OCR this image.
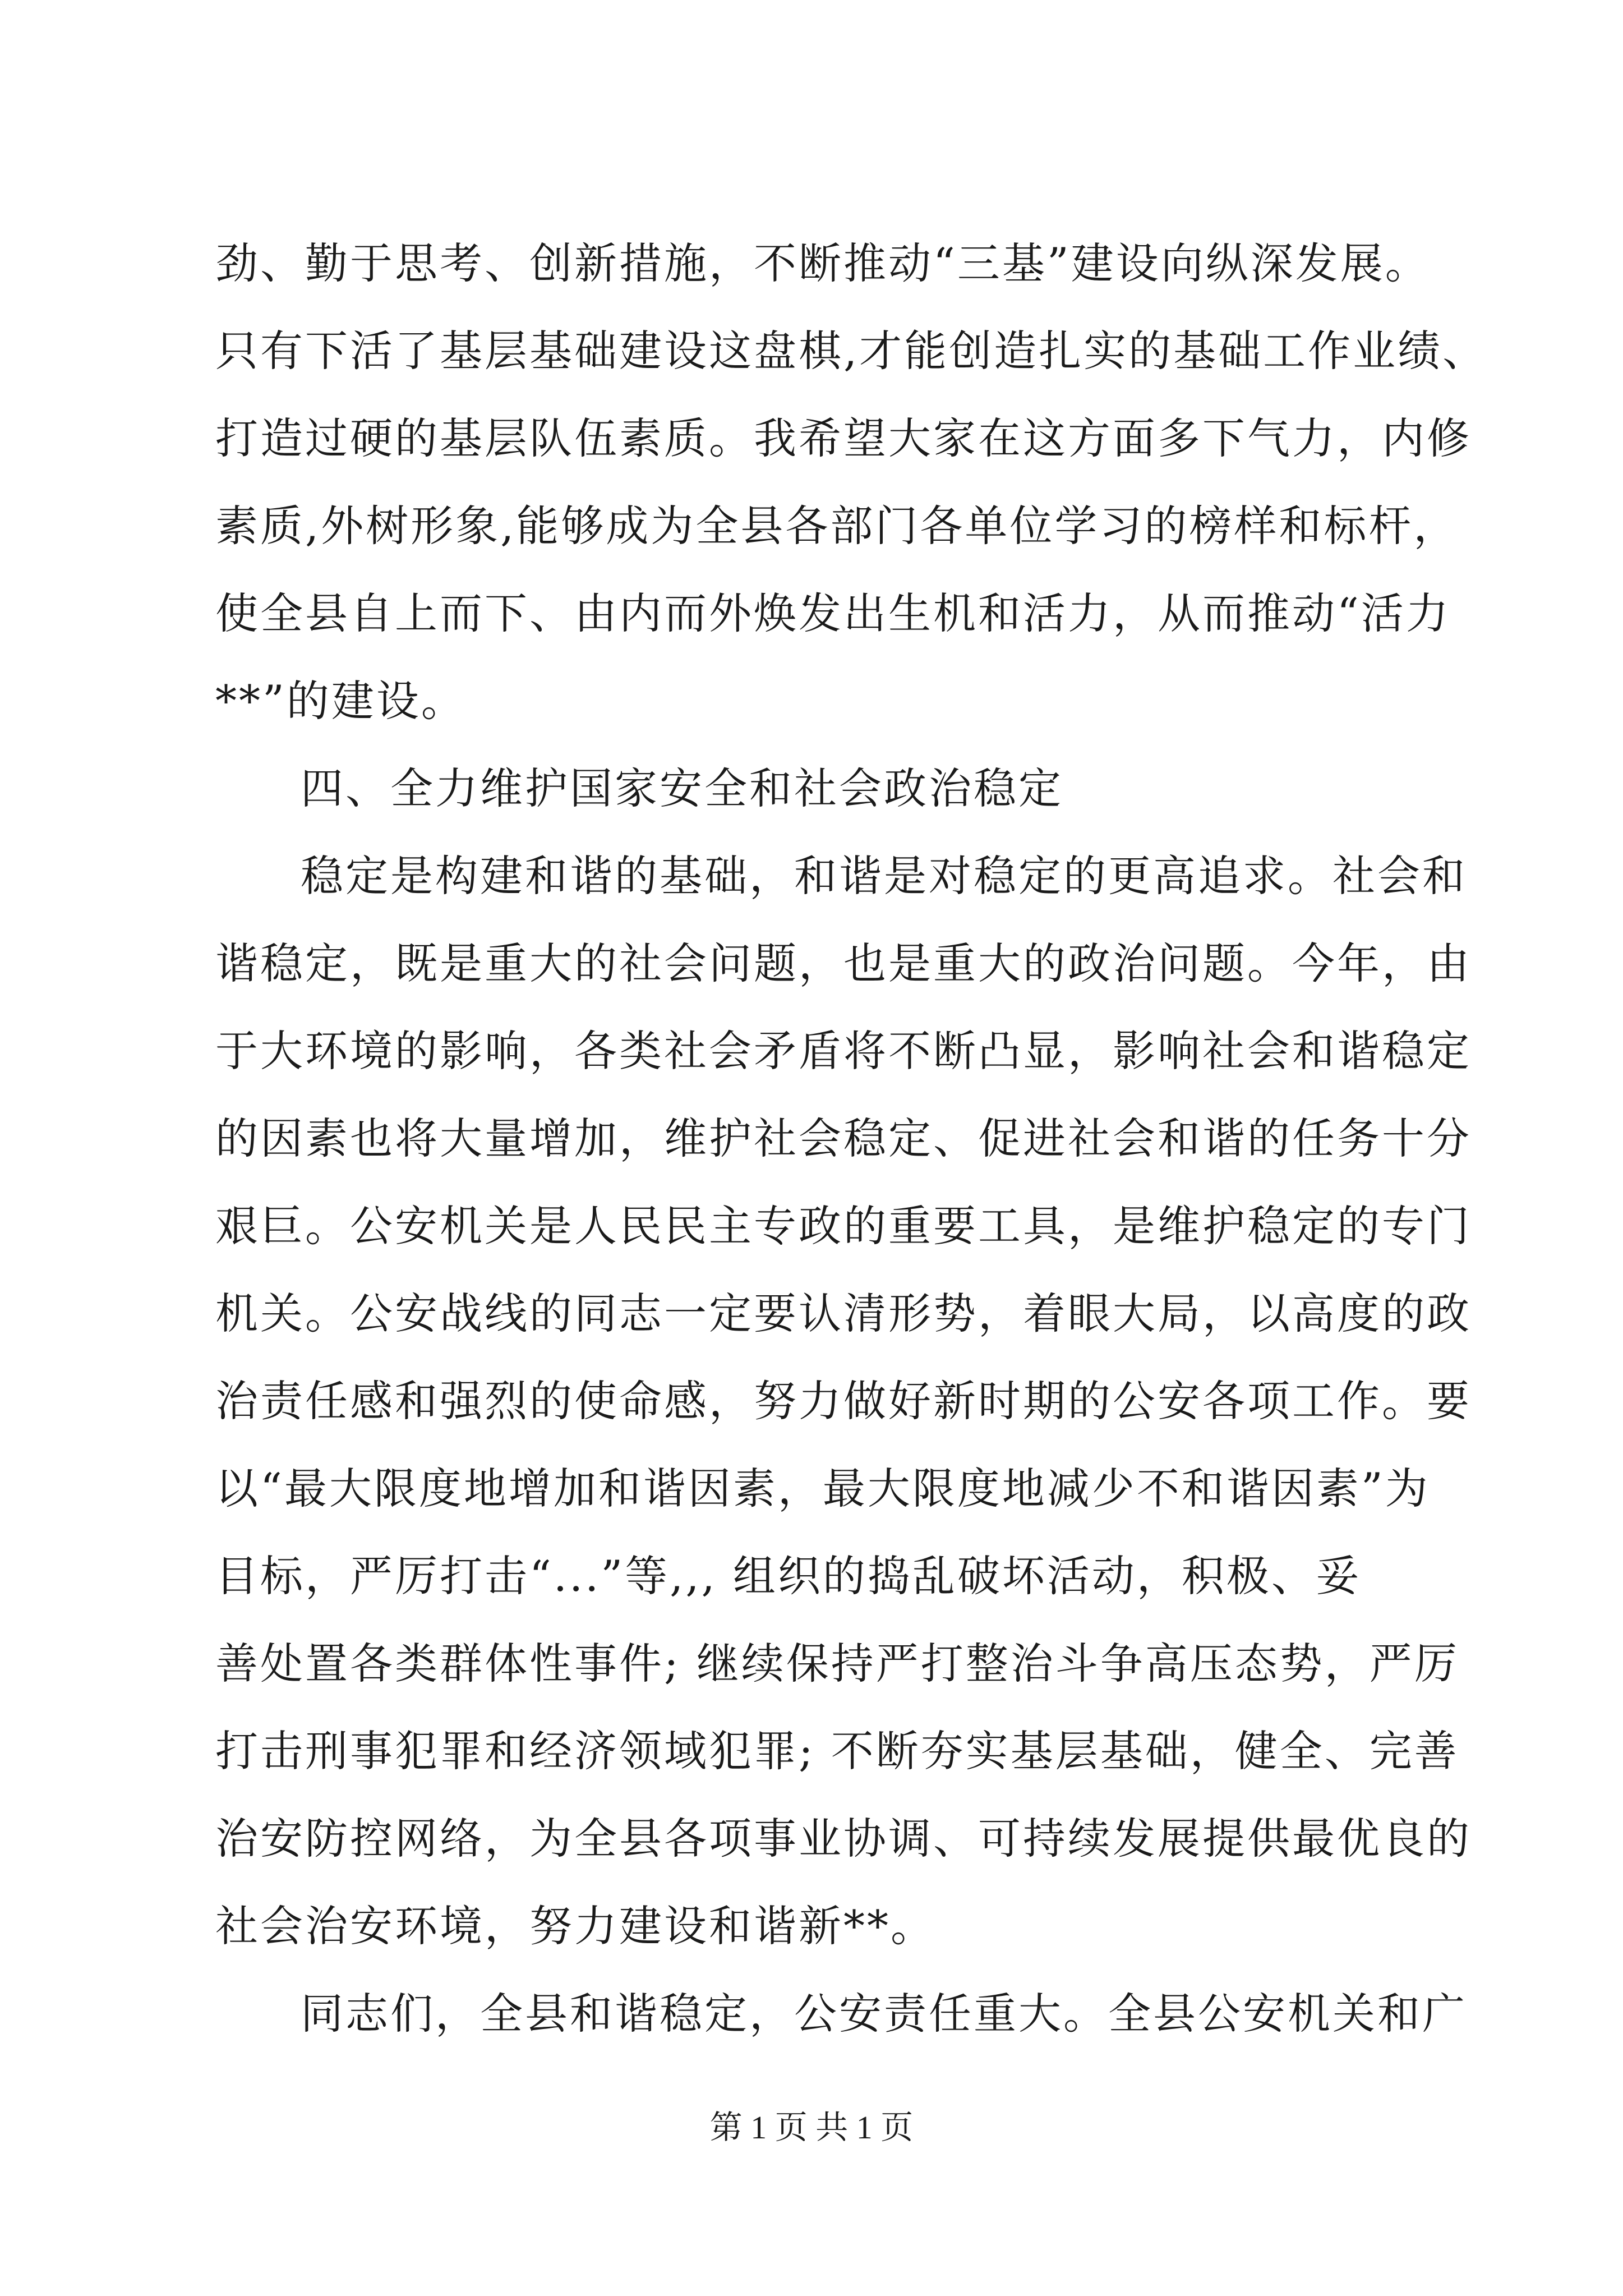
劲、勤于思考、创新措施，不断推动“三基”建设向纵深发展。
只有下活了基层基础建设这盘棋,才能创造扎实的基础工作业绩、
打造过硬的基层队伍素质。我希望大家在这方面多下气力，内修
素质,外树形象,能够成为全县各部门各单位学习的榜样和标杆，
使全县自上而下、由内而外焕发出生机和活力，从而推动“活力
**”的建设。
四、全力维护国家安全和社会政治稳定
稳定是构建和谐的基础，和谐是对稳定的更高追求。社会和
谐稳定，既是重大的社会问题，也是重大的政治问题。今年，由
于大环境的影响，各类社会矛盾将不断凸显，影响社会和谐稳定
的因素也将大量增加，维护社会稳定、促进社会和谐的任务十分
艰巨。公安机关是人民民主专政的重要工具，是维护稳定的专门
机关。公安战线的同志一定要认清形势，着眼大局，以高度的政
治责任感和强烈的使命感，努力做好新时期的公安各项工作。要
以“最大限度地增加和谐因素，最大限度地减少不和谐因素”为
目标，严厉打击“...”等,,, 组织的捣乱破坏活动，积极、妥
善处置各类群体性事件; 继续保持严打整治斗争高压态势，严厉
打击刑事犯罪和经济领域犯罪; 不断夯实基层基础，健全、完善
治安防控网络，为全县各项事业协调、可持续发展提供最优良的
社会治安环境，努力建设和谐新**。
同志们，全县和谐稳定，公安责任重大。全县公安机关和广
第 1 页 共 1 页
